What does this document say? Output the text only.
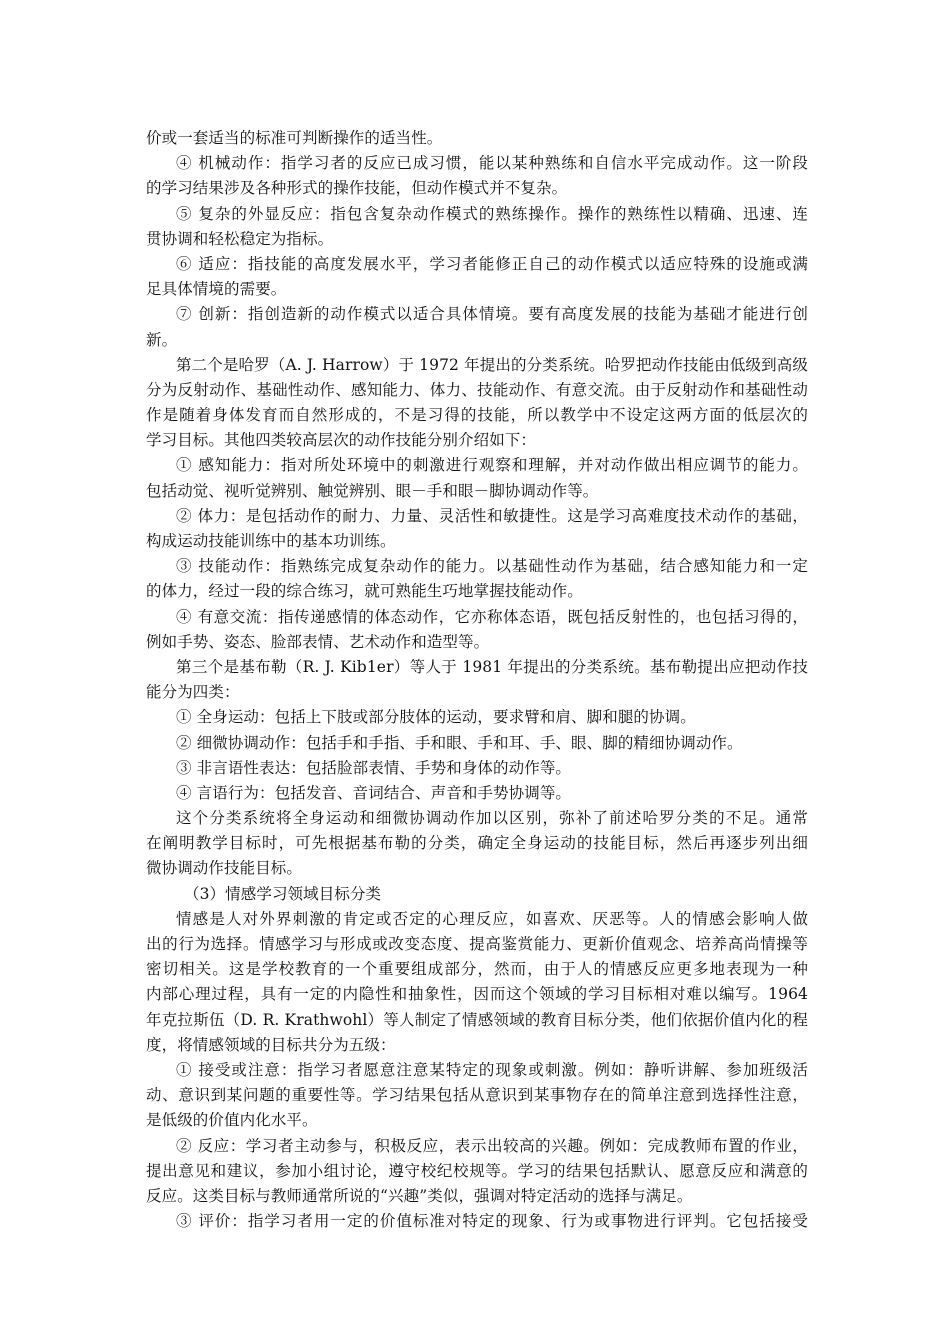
价或一套适当的标准可判断操作的适当性。
④ 机械动作：指学习者的反应已成习惯，能以某种熟练和自信水平完成动作。这一阶段
的学习结果涉及各种形式的操作技能，但动作模式并不复杂。
⑤ 复杂的外显反应：指包含复杂动作模式的熟练操作。操作的熟练性以精确、迅速、连
贯协调和轻松稳定为指标。
⑥ 适应：指技能的高度发展水平，学习者能修正自己的动作模式以适应特殊的设施或满
足具体情境的需要。
⑦ 创新：指创造新的动作模式以适合具体情境。要有高度发展的技能为基础才能进行创
新。
第二个是哈罗（A. J. Harrow）于 1972 年提出的分类系统。哈罗把动作技能由低级到高级
分为反射动作、基础性动作、感知能力、体力、技能动作、有意交流。由于反射动作和基础性动
作是随着身体发育而自然形成的，不是习得的技能，所以教学中不设定这两方面的低层次的
学习目标。其他四类较高层次的动作技能分别介绍如下：
① 感知能力：指对所处环境中的刺激进行观察和理解，并对动作做出相应调节的能力。
包括动觉、视听觉辨别、触觉辨别、眼－手和眼－脚协调动作等。
② 体力：是包括动作的耐力、力量、灵活性和敏捷性。这是学习高难度技术动作的基础，
构成运动技能训练中的基本功训练。
③ 技能动作：指熟练完成复杂动作的能力。以基础性动作为基础，结合感知能力和一定
的体力，经过一段的综合练习，就可熟能生巧地掌握技能动作。
④ 有意交流：指传递感情的体态动作，它亦称体态语，既包括反射性的，也包括习得的，
例如手势、姿态、脸部表情、艺术动作和造型等。
第三个是基布勒（R. J. Kib1er）等人于 1981 年提出的分类系统。基布勒提出应把动作技
能分为四类：
① 全身运动：包括上下肢或部分肢体的运动，要求臂和肩、脚和腿的协调。
② 细微协调动作：包括手和手指、手和眼、手和耳、手、眼、脚的精细协调动作。
③ 非言语性表达：包括脸部表情、手势和身体的动作等。
④ 言语行为：包括发音、音词结合、声音和手势协调等。
这个分类系统将全身运动和细微协调动作加以区别，弥补了前述哈罗分类的不足。通常
在阐明教学目标时，可先根据基布勒的分类，确定全身运动的技能目标，然后再逐步列出细
微协调动作技能目标。
（3）情感学习领域目标分类
情感是人对外界刺激的肯定或否定的心理反应，如喜欢、厌恶等。人的情感会影响人做
出的行为选择。情感学习与形成或改变态度、提高鉴赏能力、更新价值观念、培养高尚情操等
密切相关。这是学校教育的一个重要组成部分，然而，由于人的情感反应更多地表现为一种
内部心理过程，具有一定的内隐性和抽象性，因而这个领域的学习目标相对难以编写。1964
年克拉斯伍（D. R. Krathwohl）等人制定了情感领域的教育目标分类，他们依据价值内化的程
度，将情感领域的目标共分为五级：
① 接受或注意：指学习者愿意注意某特定的现象或刺激。例如：静听讲解、参加班级活
动、意识到某问题的重要性等。学习结果包括从意识到某事物存在的简单注意到选择性注意，
是低级的价值内化水平。
② 反应：学习者主动参与，积极反应，表示出较高的兴趣。例如：完成教师布置的作业，
提出意见和建议，参加小组讨论，遵守校纪校规等。学习的结果包括默认、愿意反应和满意的
反应。这类目标与教师通常所说的“兴趣”类似，强调对特定活动的选择与满足。
③ 评价：指学习者用一定的价值标准对特定的现象、行为或事物进行评判。它包括接受
